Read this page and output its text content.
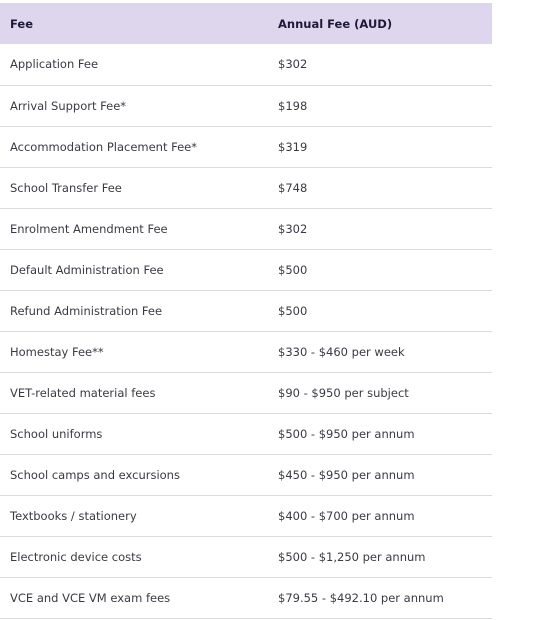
Fee	Annual Fee (AUD)
Application Fee	$302
Arrival Support Fee*	$198
Accommodation Placement Fee*	$319
School Transfer Fee	$748
Enrolment Amendment Fee	$302
Default Administration Fee	$500
Refund Administration Fee	$500
Homestay Fee**	$330 - $460 per week
VET-related material fees	$90 - $950 per subject
School uniforms	$500 - $950 per annum
School camps and excursions	$450 - $950 per annum
Textbooks / stationery	$400 - $700 per annum
Electronic device costs	$500 - $1,250 per annum
VCE and VCE VM exam fees	$79.55 - $492.10 per annum
